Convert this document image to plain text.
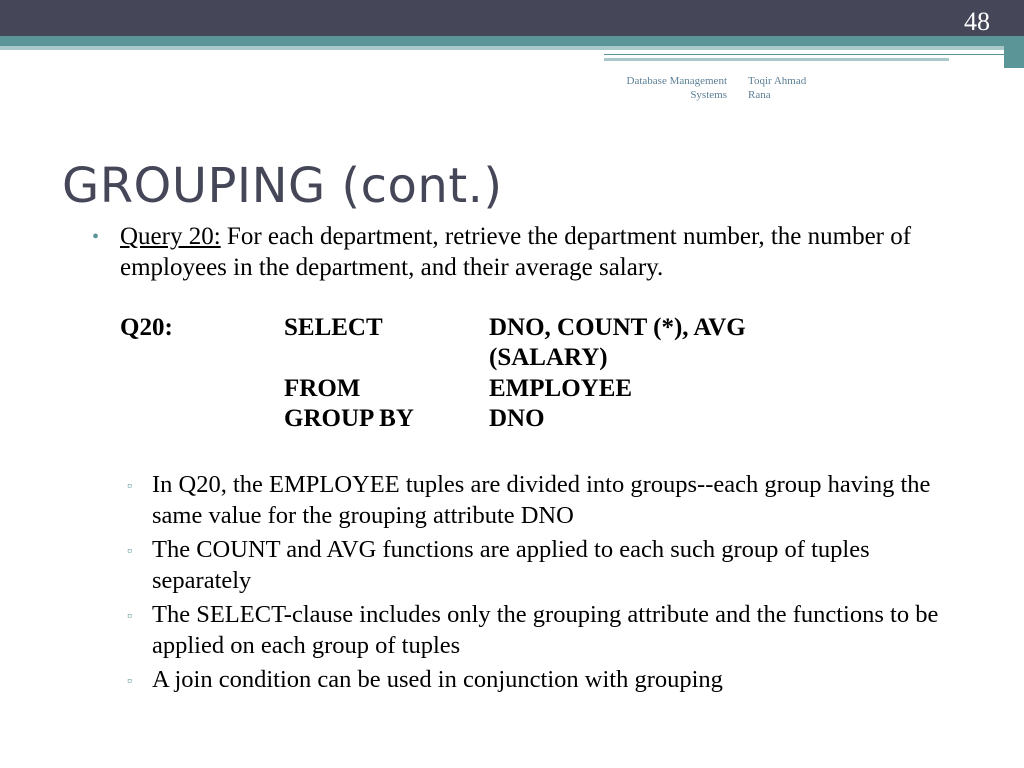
48
Database Management
Systems
Toqir Ahmad
Rana
GROUPING (cont.)
• Query 20: For each department, retrieve the department number, the number of employees in the department, and their average salary.
Q20:	SELECT	DNO, COUNT (*), AVG
(SALARY)
FROM	EMPLOYEE
GROUP BY	DNO
▫ In Q20, the EMPLOYEE tuples are divided into groups--each group having the same value for the grouping attribute DNO
▫ The COUNT and AVG functions are applied to each such group of tuples separately
▫ The SELECT-clause includes only the grouping attribute and the functions to be applied on each group of tuples
▫ A join condition can be used in conjunction with grouping
